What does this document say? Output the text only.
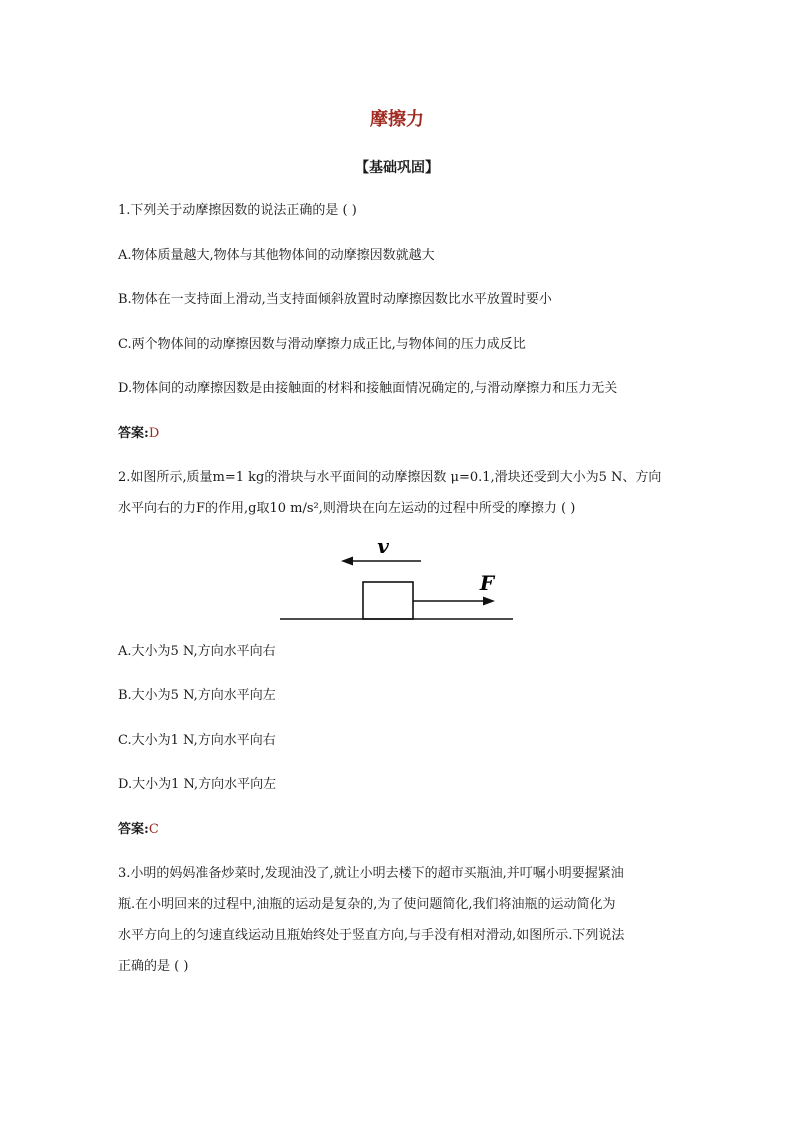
摩擦力
【基础巩固】
1.下列关于动摩擦因数的说法正确的是 ( )
A.物体质量越大,物体与其他物体间的动摩擦因数就越大
B.物体在一支持面上滑动,当支持面倾斜放置时动摩擦因数比水平放置时要小
C.两个物体间的动摩擦因数与滑动摩擦力成正比,与物体间的压力成反比
D.物体间的动摩擦因数是由接触面的材料和接触面情况确定的,与滑动摩擦力和压力无关
答案:D
2.如图所示,质量m=1 kg的滑块与水平面间的动摩擦因数 μ=0.1,滑块还受到大小为5 N、方向
水平向右的力F的作用,g取10 m/s²,则滑块在向左运动的过程中所受的摩擦力 ( )
v
F
A.大小为5 N,方向水平向右
B.大小为5 N,方向水平向左
C.大小为1 N,方向水平向右
D.大小为1 N,方向水平向左
答案:C
3.小明的妈妈准备炒菜时,发现油没了,就让小明去楼下的超市买瓶油,并叮嘱小明要握紧油
瓶.在小明回来的过程中,油瓶的运动是复杂的,为了使问题简化,我们将油瓶的运动简化为
水平方向上的匀速直线运动且瓶始终处于竖直方向,与手没有相对滑动,如图所示.下列说法
正确的是 ( )
